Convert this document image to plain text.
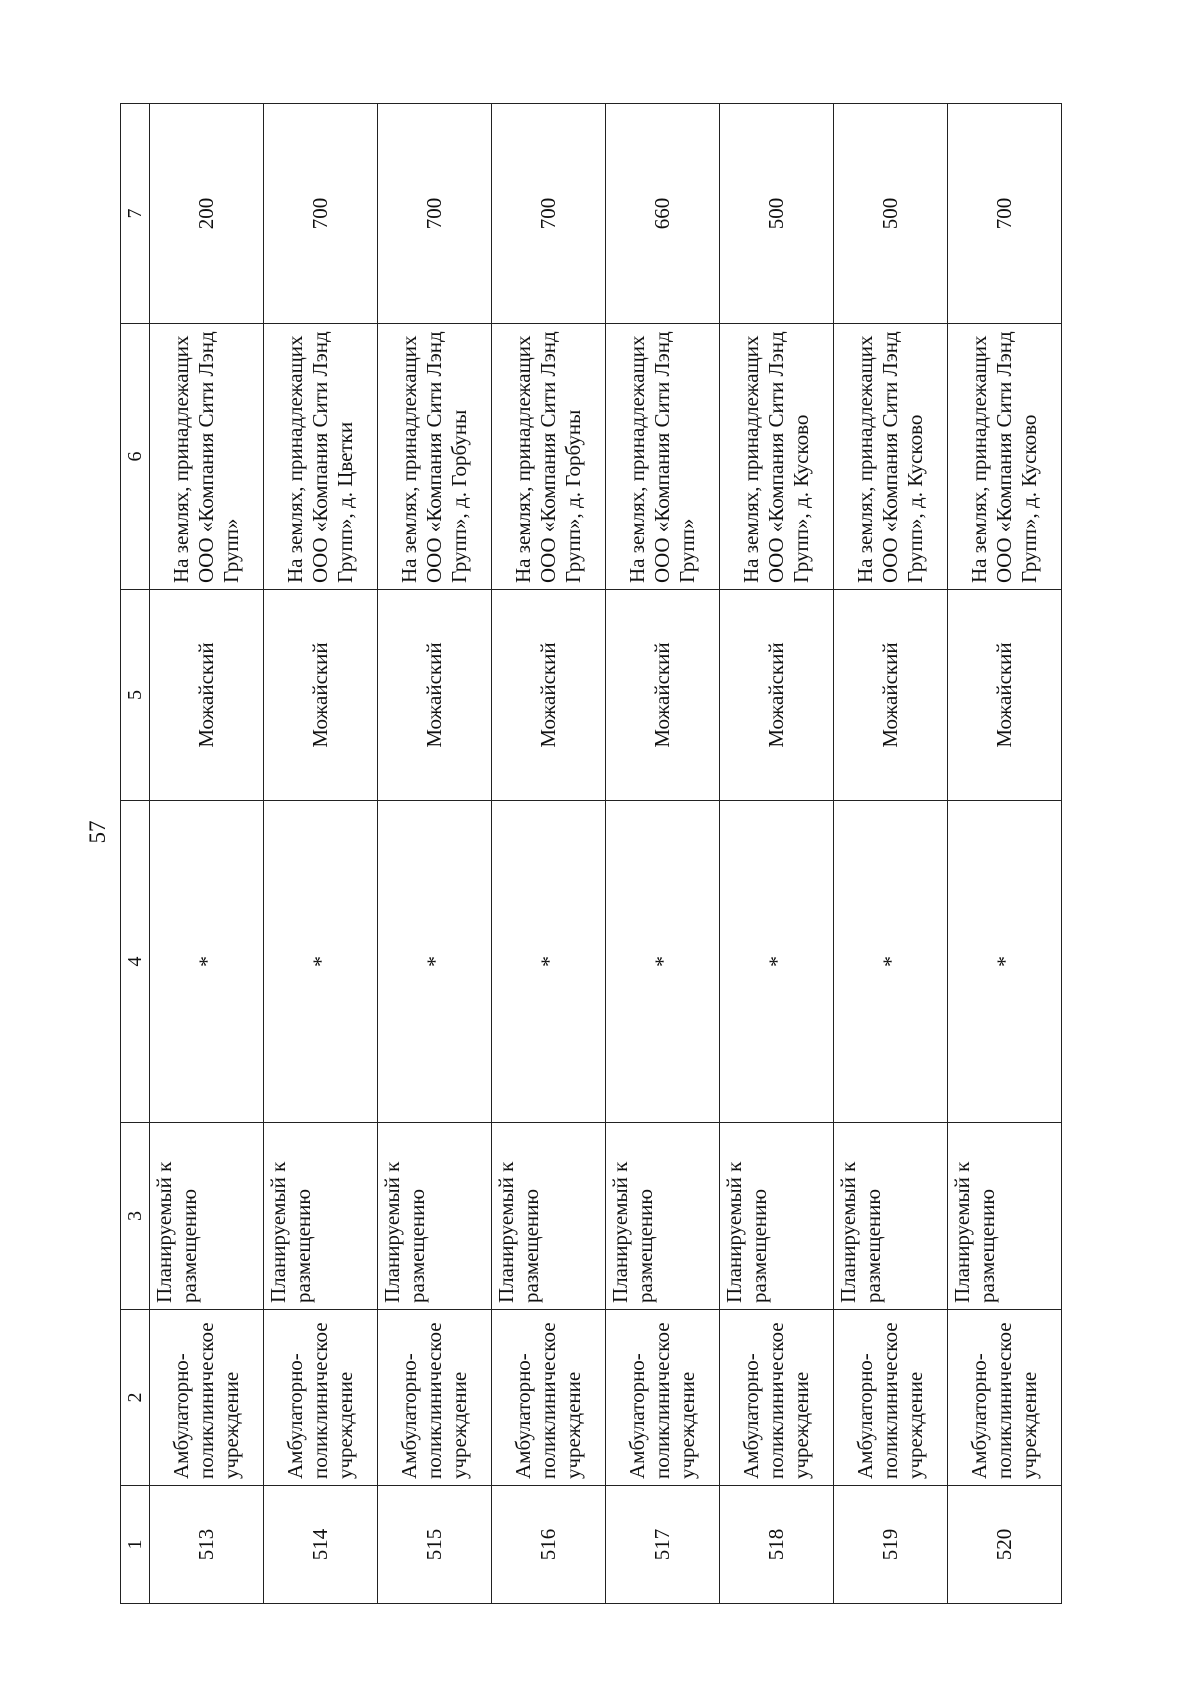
57
1	2	3	4	5	6	7
513	Амбулаторно-поликлиническое учреждение	Планируемый к размещению	*	Можайский	На землях, принадлежащих ООО «Компания Сити Лэнд Групп»	200
514	Амбулаторно-поликлиническое учреждение	Планируемый к размещению	*	Можайский	На землях, принадлежащих ООО «Компания Сити Лэнд Групп», д. Цветки	700
515	Амбулаторно-поликлиническое учреждение	Планируемый к размещению	*	Можайский	На землях, принадлежащих ООО «Компания Сити Лэнд Групп», д. Горбуны	700
516	Амбулаторно-поликлиническое учреждение	Планируемый к размещению	*	Можайский	На землях, принадлежащих ООО «Компания Сити Лэнд Групп», д. Горбуны	700
517	Амбулаторно-поликлиническое учреждение	Планируемый к размещению	*	Можайский	На землях, принадлежащих ООО «Компания Сити Лэнд Групп»	660
518	Амбулаторно-поликлиническое учреждение	Планируемый к размещению	*	Можайский	На землях, принадлежащих ООО «Компания Сити Лэнд Групп», д. Кусково	500
519	Амбулаторно-поликлиническое учреждение	Планируемый к размещению	*	Можайский	На землях, принадлежащих ООО «Компания Сити Лэнд Групп», д. Кусково	500
520	Амбулаторно-поликлиническое учреждение	Планируемый к размещению	*	Можайский	На землях, принадлежащих ООО «Компания Сити Лэнд Групп», д. Кусково	700
